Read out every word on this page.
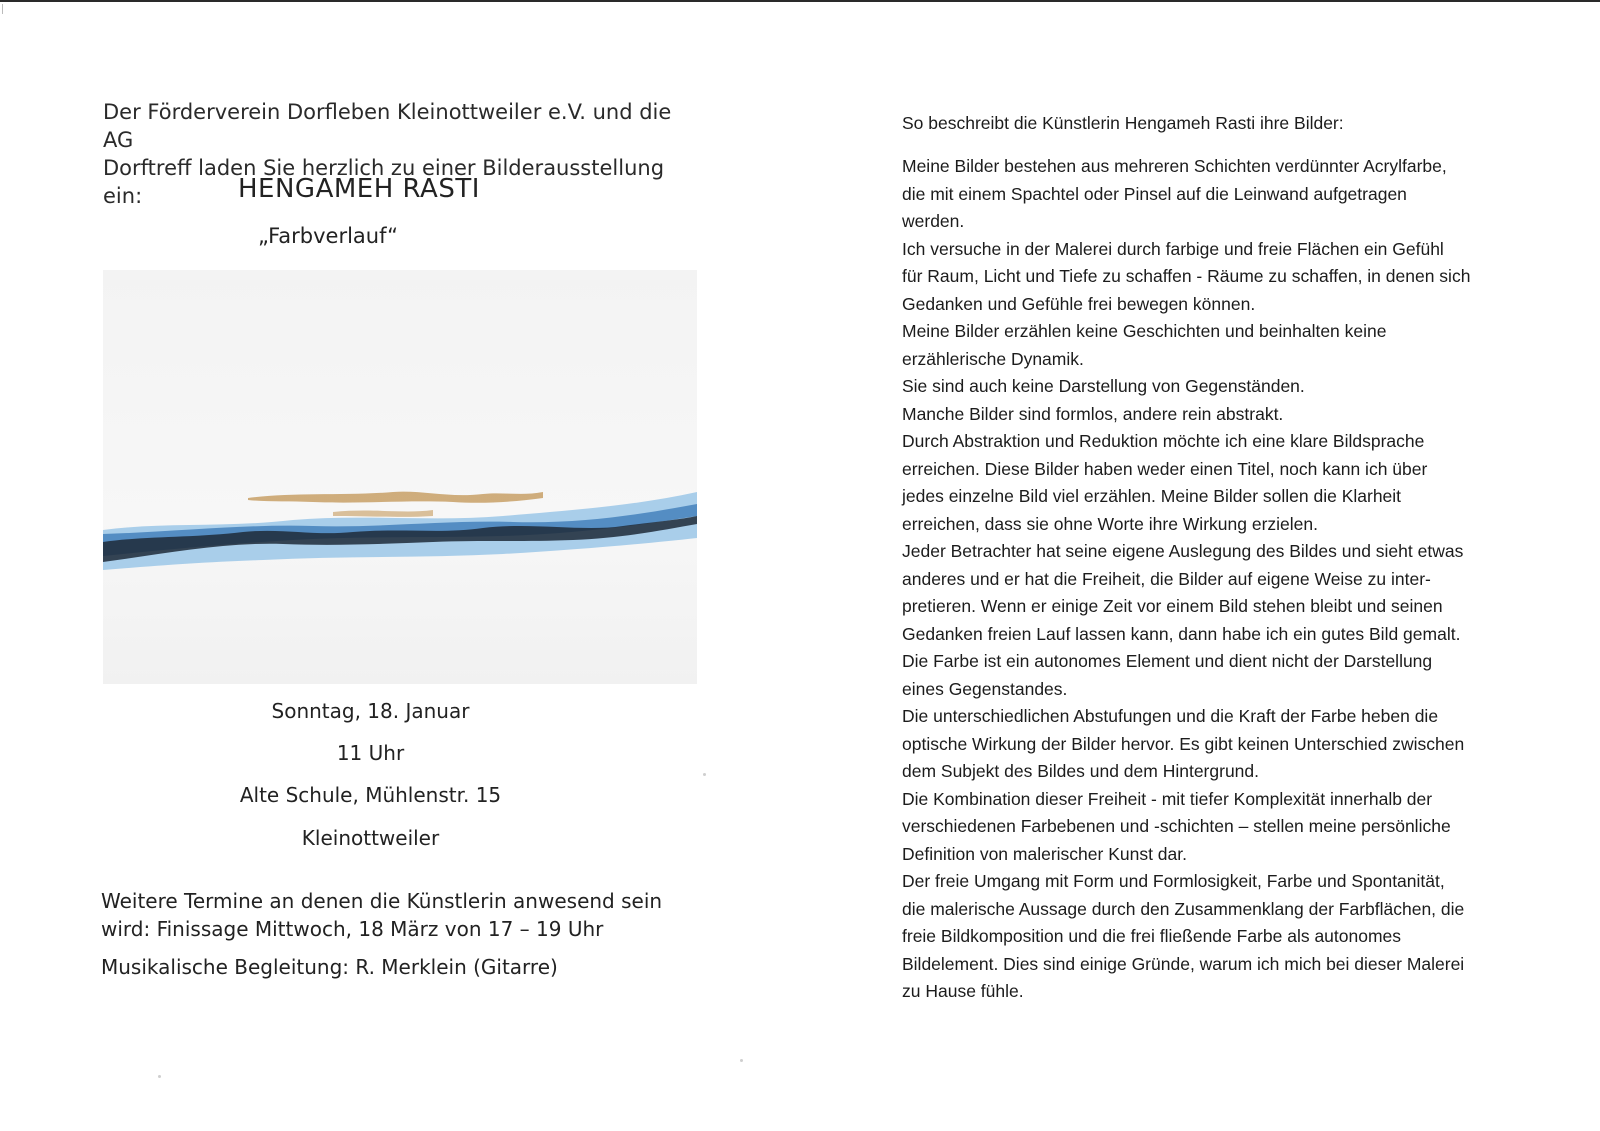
Der Förderverein Dorfleben Kleinottweiler e.V. und die AG
Dorftreff laden Sie herzlich zu einer Bilderausstellung ein:	HENGAMEH RASTI
„Farbverlauf“
Sonntag, 18. Januar
11 Uhr
Alte Schule, Mühlenstr. 15
Kleinottweiler

Weitere Termine an denen die Künstlerin anwesend sein
wird: Finissage Mittwoch, 18 März von 17 – 19 Uhr

Musikalische Begleitung: R. Merklein (Gitarre)

So beschreibt die Künstlerin Hengameh Rasti ihre Bilder:

Meine Bilder bestehen aus mehreren Schichten verdünnter Acrylfarbe,
die mit einem Spachtel oder Pinsel auf die Leinwand aufgetragen
werden.
Ich versuche in der Malerei durch farbige und freie Flächen ein Gefühl
für Raum, Licht und Tiefe zu schaffen - Räume zu schaffen, in denen sich
Gedanken und Gefühle frei bewegen können.
Meine Bilder erzählen keine Geschichten und beinhalten keine
erzählerische Dynamik.
Sie sind auch keine Darstellung von Gegenständen.
Manche Bilder sind formlos, andere rein abstrakt.
Durch Abstraktion und Reduktion möchte ich eine klare Bildsprache
erreichen. Diese Bilder haben weder einen Titel, noch kann ich über
jedes einzelne Bild viel erzählen. Meine Bilder sollen die Klarheit
erreichen, dass sie ohne Worte ihre Wirkung erzielen.
Jeder Betrachter hat seine eigene Auslegung des Bildes und sieht etwas
anderes und er hat die Freiheit, die Bilder auf eigene Weise zu inter-
pretieren. Wenn er einige Zeit vor einem Bild stehen bleibt und seinen
Gedanken freien Lauf lassen kann, dann habe ich ein gutes Bild gemalt.
Die Farbe ist ein autonomes Element und dient nicht der Darstellung
eines Gegenstandes.
Die unterschiedlichen Abstufungen und die Kraft der Farbe heben die
optische Wirkung der Bilder hervor. Es gibt keinen Unterschied zwischen
dem Subjekt des Bildes und dem Hintergrund.
Die Kombination dieser Freiheit - mit tiefer Komplexität innerhalb der
verschiedenen Farbebenen und -schichten – stellen meine persönliche
Definition von malerischer Kunst dar.
Der freie Umgang mit Form und Formlosigkeit, Farbe und Spontanität,
die malerische Aussage durch den Zusammenklang der Farbflächen, die
freie Bildkomposition und die frei fließende Farbe als autonomes
Bildelement. Dies sind einige Gründe, warum ich mich bei dieser Malerei
zu Hause fühle.
